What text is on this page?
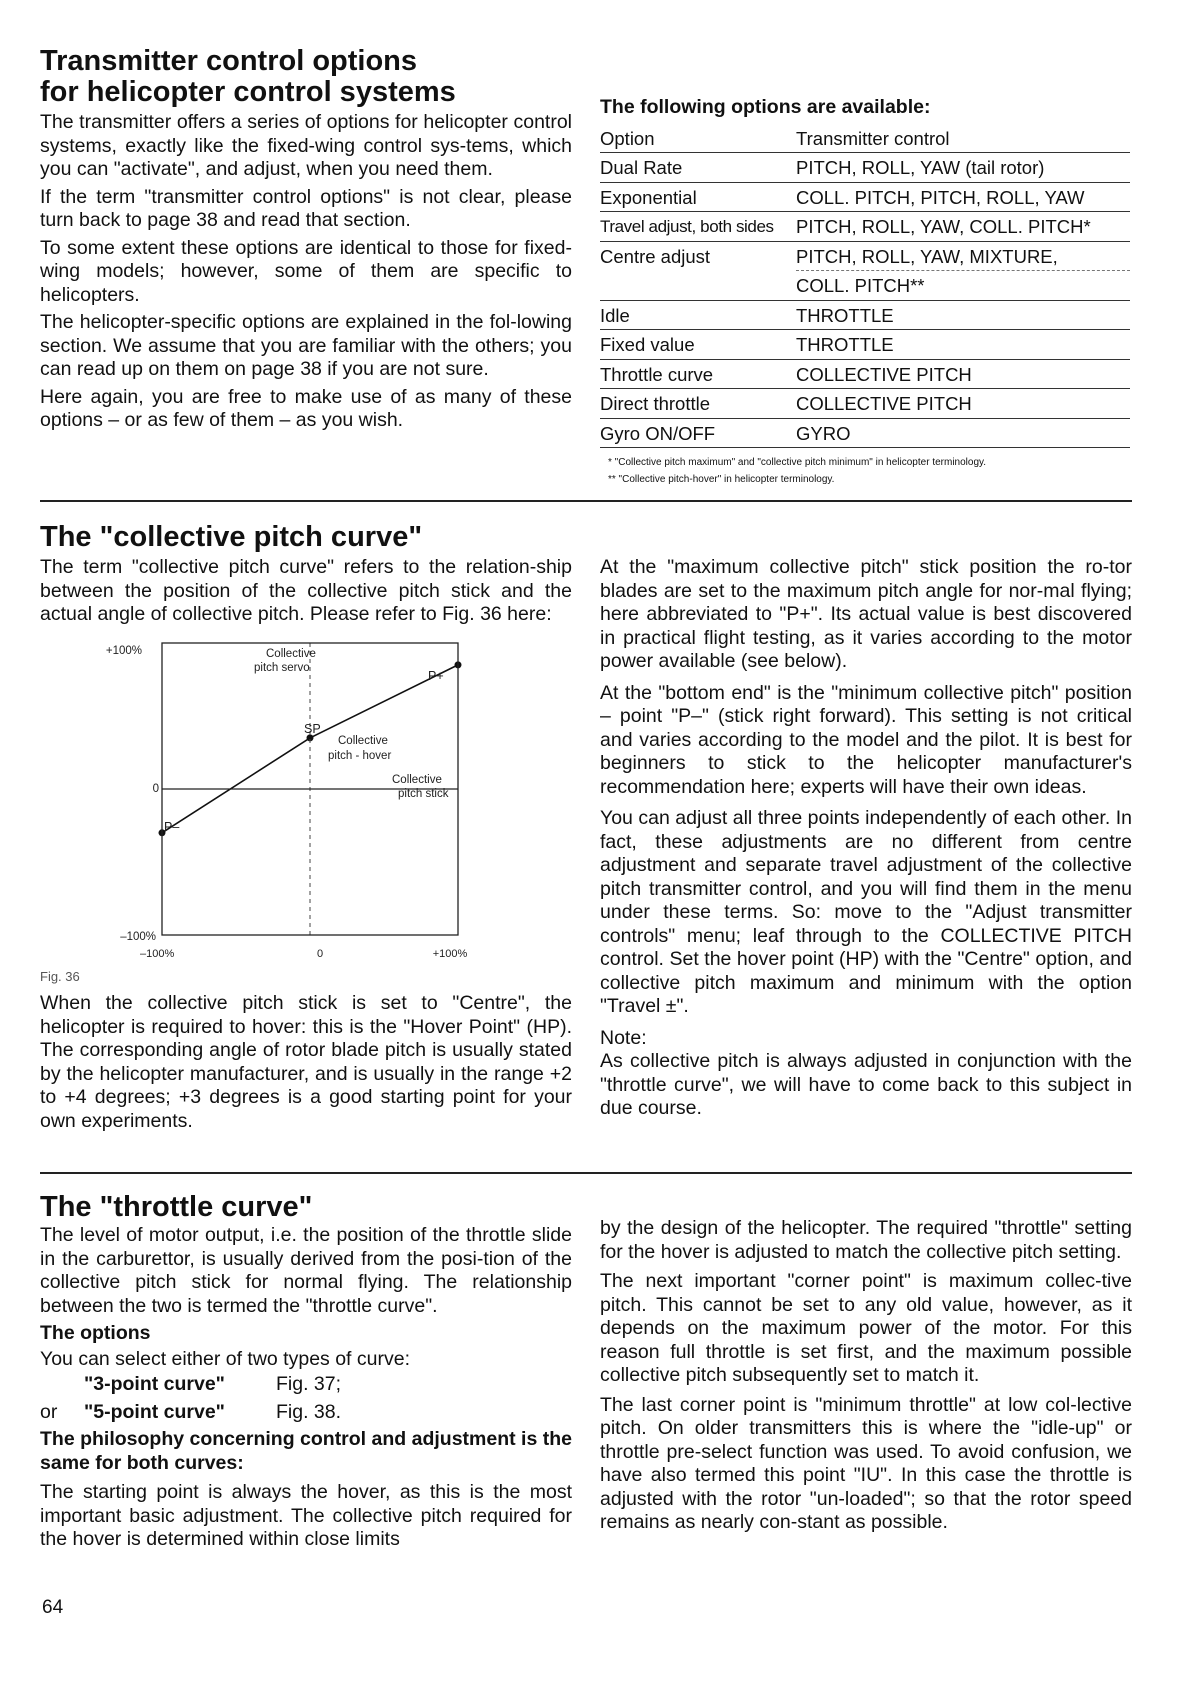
Transmitter control options
for helicopter control systems

The transmitter offers a series of options for helicopter control systems, exactly like the fixed-wing control sys-tems, which you can "activate", and adjust, when you need them.

If the term "transmitter control options" is not clear, please turn back to page 38 and read that section.

To some extent these options are identical to those for fixed-wing models; however, some of them are specific to helicopters.

The helicopter-specific options are explained in the fol-lowing section. We assume that you are familiar with the others; you can read up on them on page 38 if you are not sure.

Here again, you are free to make use of as many of these options – or as few of them – as you wish.

The following options are available:
Option	Transmitter control
Dual Rate	PITCH, ROLL, YAW (tail rotor)
Exponential	COLL. PITCH, PITCH, ROLL, YAW
Travel adjust, both sides	PITCH, ROLL, YAW, COLL. PITCH*
Centre adjust	PITCH, ROLL, YAW, MIXTURE,
	COLL. PITCH**
Idle	THROTTLE
Fixed value	THROTTLE
Throttle curve	COLLECTIVE PITCH
Direct throttle	COLLECTIVE PITCH
Gyro ON/OFF	GYRO

* "Collective pitch maximum" and "collective pitch minimum" in helicopter terminology.

** "Collective pitch-hover" in helicopter terminology.

The "collective pitch curve"

The term "collective pitch curve" refers to the relation-ship between the position of the collective pitch stick and the actual angle of collective pitch. Please refer to Fig. 36 here:

+100%
0
–100%
–100%	0	+100%
Collective
pitch servo
Collective
pitch - hover
Collective
pitch stick
P+
SP
P–

Fig. 36

When the collective pitch stick is set to "Centre", the helicopter is required to hover: this is the "Hover Point" (HP). The corresponding angle of rotor blade pitch is usually stated by the helicopter manufacturer, and is usually in the range +2 to +4 degrees; +3 degrees is a good starting point for your own experiments.

At the "maximum collective pitch" stick position the ro-tor blades are set to the maximum pitch angle for nor-mal flying; here abbreviated to "P+". Its actual value is best discovered in practical flight testing, as it varies according to the motor power available (see below).

At the "bottom end" is the "minimum collective pitch" position – point "P–" (stick right forward). This setting is not critical and varies according to the model and the pilot. It is best for beginners to stick to the helicopter manufacturer's recommendation here; experts will have their own ideas.

You can adjust all three points independently of each other. In fact, these adjustments are no different from centre adjustment and separate travel adjustment of the collective pitch transmitter control, and you will find them in the menu under these terms. So: move to the "Adjust transmitter controls" menu; leaf through to the COLLECTIVE PITCH control. Set the hover point (HP) with the "Centre" option, and collective pitch maximum and minimum with the option "Travel ±".

Note:

As collective pitch is always adjusted in conjunction with the "throttle curve", we will have to come back to this subject in due course.

The "throttle curve"

The level of motor output, i.e. the position of the throttle slide in the carburettor, is usually derived from the posi-tion of the collective pitch stick for normal flying. The relationship between the two is termed the "throttle curve".

The options

You can select either of two types of curve:

"3-point curve"	Fig. 37;

or "5-point curve"	Fig. 38.

The philosophy concerning control and adjustment is the same for both curves:

The starting point is always the hover, as this is the most important basic adjustment. The collective pitch required for the hover is determined within close limits

by the design of the helicopter. The required "throttle" setting for the hover is adjusted to match the collective pitch setting.

The next important "corner point" is maximum collec-tive pitch. This cannot be set to any old value, however, as it depends on the maximum power of the motor. For this reason full throttle is set first, and the maximum possible collective pitch subsequently set to match it.

The last corner point is "minimum throttle" at low col-lective pitch. On older transmitters this is where the "idle-up" or throttle pre-select function was used. To avoid confusion, we have also termed this point "IU". In this case the throttle is adjusted with the rotor "un-loaded"; so that the rotor speed remains as nearly con-stant as possible.

64
